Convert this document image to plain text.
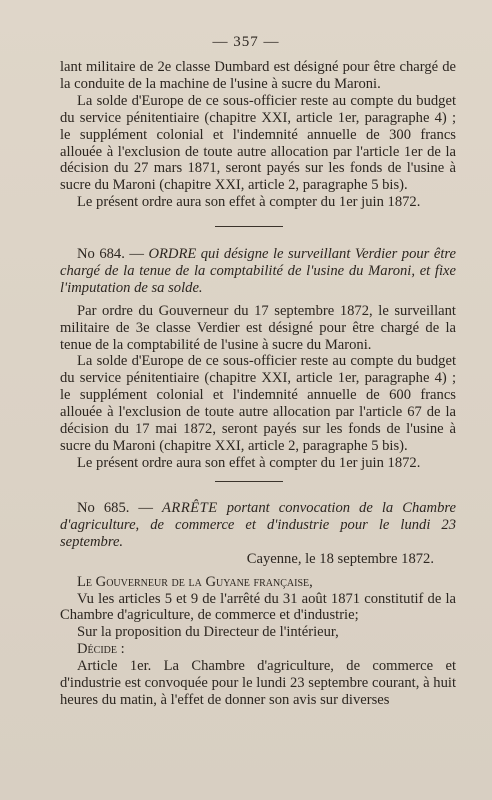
— 357 —

lant militaire de 2e classe Dumbard est désigné pour être chargé de la conduite de la machine de l'usine à sucre du Maroni.

La solde d'Europe de ce sous-officier reste au compte du budget du service pénitentiaire (chapitre XXI, article 1er, paragraphe 4) ; le supplément colonial et l'indemnité annuelle de 300 francs allouée à l'exclusion de toute autre allocation par l'article 1er de la décision du 27 mars 1871, seront payés sur les fonds de l'usine à sucre du Maroni (chapitre XXI, article 2, paragraphe 5 bis).

Le présent ordre aura son effet à compter du 1er juin 1872.

No 684. — ORDRE qui désigne le surveillant Verdier pour être chargé de la tenue de la comptabilité de l'usine du Maroni, et fixe l'imputation de sa solde.

Par ordre du Gouverneur du 17 septembre 1872, le surveillant militaire de 3e classe Verdier est désigné pour être chargé de la tenue de la comptabilité de l'usine à sucre du Maroni.

La solde d'Europe de ce sous-officier reste au compte du budget du service pénitentiaire (chapitre XXI, article 1er, paragraphe 4) ; le supplément colonial et l'indemnité annuelle de 600 francs allouée à l'exclusion de toute autre allocation par l'article 67 de la décision du 17 mai 1872, seront payés sur les fonds de l'usine à sucre du Maroni (chapitre XXI, article 2, paragraphe 5 bis).

Le présent ordre aura son effet à compter du 1er juin 1872.

No 685. — ARRÊTE portant convocation de la Chambre d'agriculture, de commerce et d'industrie pour le lundi 23 septembre.

Cayenne, le 18 septembre 1872.

Le Gouverneur de la Guyane française,

Vu les articles 5 et 9 de l'arrêté du 31 août 1871 constitutif de la Chambre d'agriculture, de commerce et d'industrie;

Sur la proposition du Directeur de l'intérieur,

Décide :

Article 1er. La Chambre d'agriculture, de commerce et d'industrie est convoquée pour le lundi 23 septembre courant, à huit heures du matin, à l'effet de donner son avis sur diverses
